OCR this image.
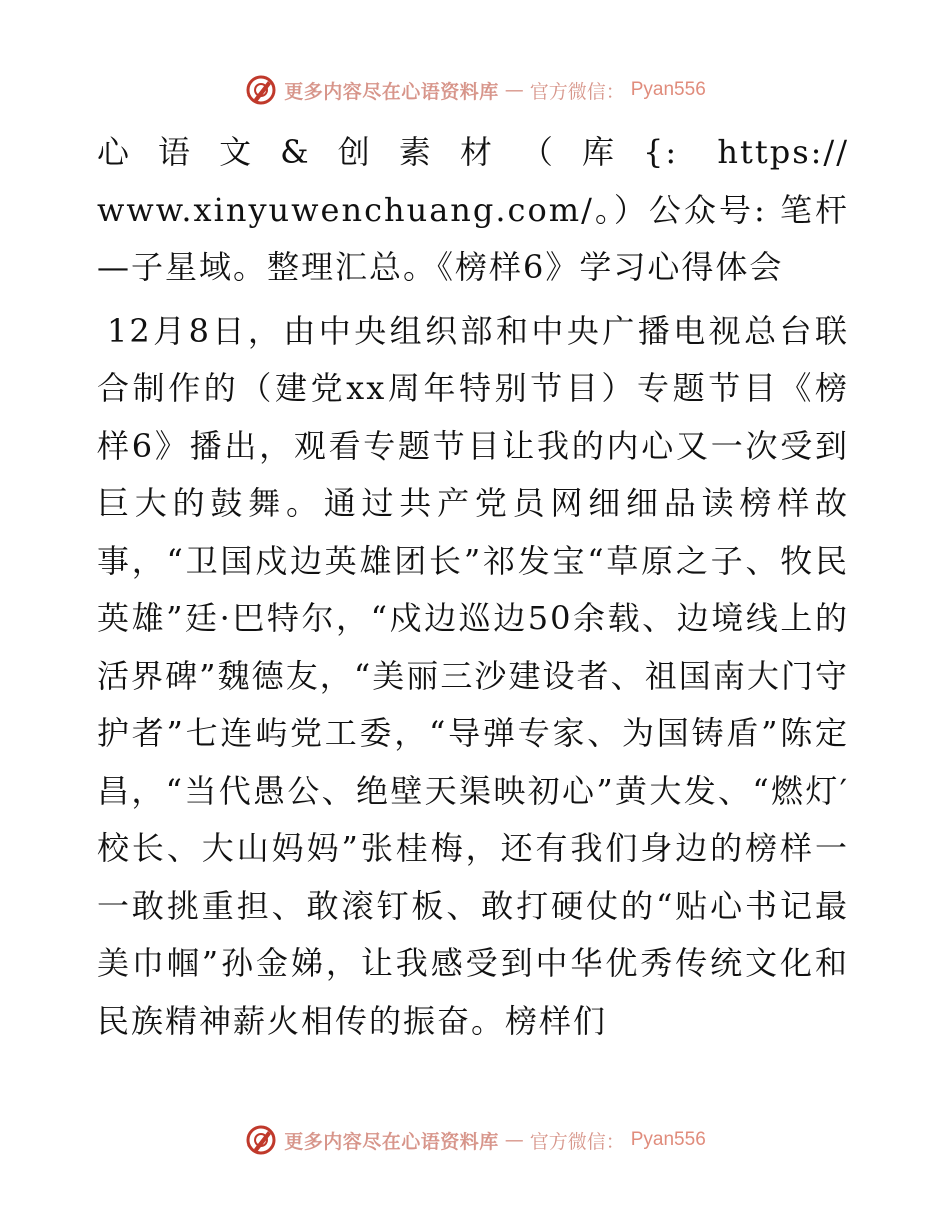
更多内容尽在心语资料库 — 官方微信： Pyan556

心语文&创素材（库{: https:// www.xinyuwenchuang.com/。）公众号: 笔杆—子星域。整理汇总。《榜样6》学习心得体会

12月8日，由中央组织部和中央广播电视总台联合制作的（建党xx周年特别节目）专题节目《榜样6》播出，观看专题节目让我的内心又一次受到巨大的鼓舞。通过共产党员网细细品读榜样故事，“卫国戍边英雄团长”祁发宝“草原之子、牧民英雄”廷·巴特尔，“戍边巡边50余载、边境线上的活界碑”魏德友，“美丽三沙建设者、祖国南大门守护者”七连屿党工委，“导弹专家、为国铸盾”陈定昌，“当代愚公、绝壁天渠映初心”黄大发、“燃灯′校长、大山妈妈”张桂梅，还有我们身边的榜样一一敢挑重担、敢滚钉板、敢打硬仗的“贴心书记最美巾帼”孙金娣，让我感受到中华优秀传统文化和民族精神薪火相传的振奋。榜样们

更多内容尽在心语资料库 — 官方微信： Pyan556
